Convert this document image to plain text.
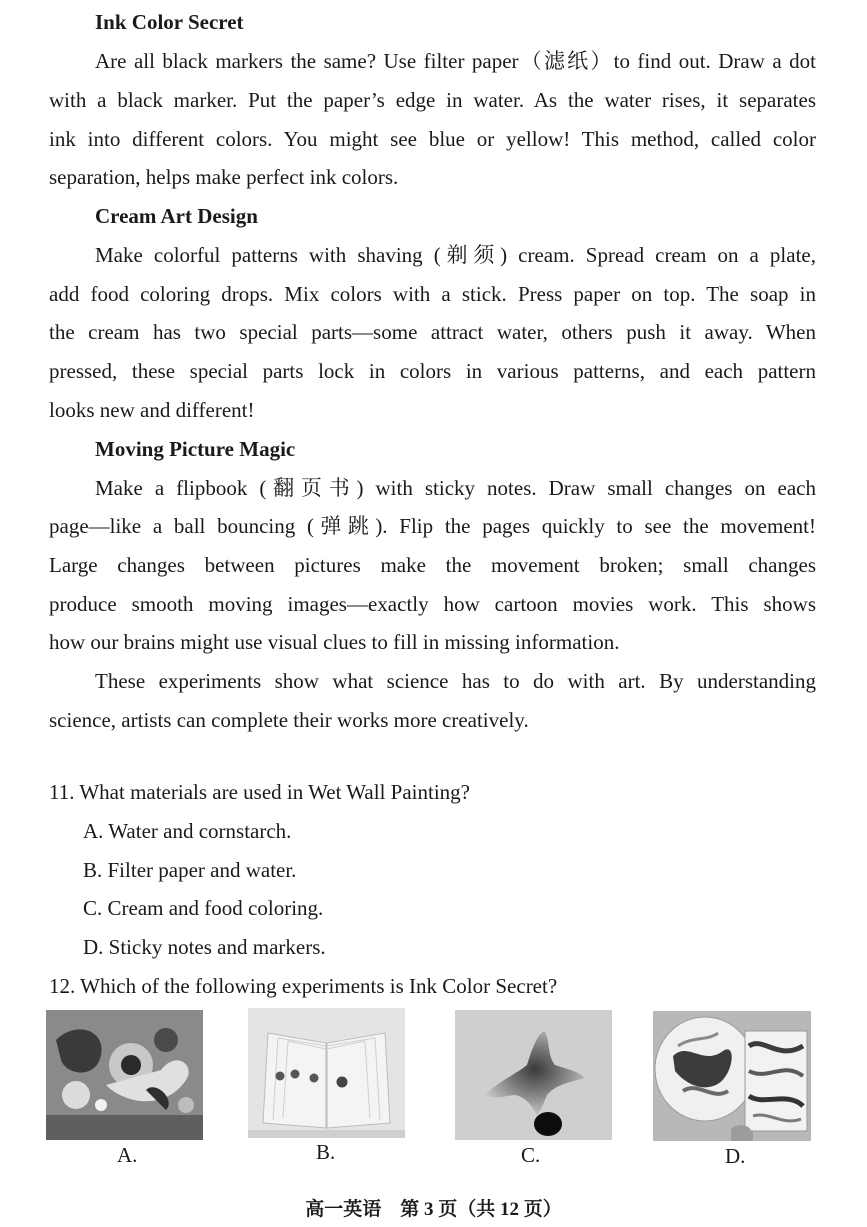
Ink Color Secret
Are all black markers the same? Use filter paper（滤纸）to find out. Draw a dot
with a black marker. Put the paper’s edge in water. As the water rises, it separates
ink into different colors. You might see blue or yellow! This method, called color
separation, helps make perfect ink colors.
Cream Art Design
Make colorful patterns with shaving (剃须) cream. Spread cream on a plate,
add food coloring drops. Mix colors with a stick. Press paper on top. The soap in
the cream has two special parts—some attract water, others push it away. When
pressed, these special parts lock in colors in various patterns, and each pattern
looks new and different!
Moving Picture Magic
Make a flipbook (翻页书) with sticky notes. Draw small changes on each
page—like a ball bouncing (弹跳). Flip the pages quickly to see the movement!
Large changes between pictures make the movement broken; small changes
produce smooth moving images—exactly how cartoon movies work. This shows
how our brains might use visual clues to fill in missing information.
These experiments show what science has to do with art. By understanding
science, artists can complete their works more creatively.
11. What materials are used in Wet Wall Painting?
A. Water and cornstarch.
B. Filter paper and water.
C. Cream and food coloring.
D. Sticky notes and markers.
12. Which of the following experiments is Ink Color Secret?
A.	B.	C.	D.
高一英语　第 3 页（共 12 页）
